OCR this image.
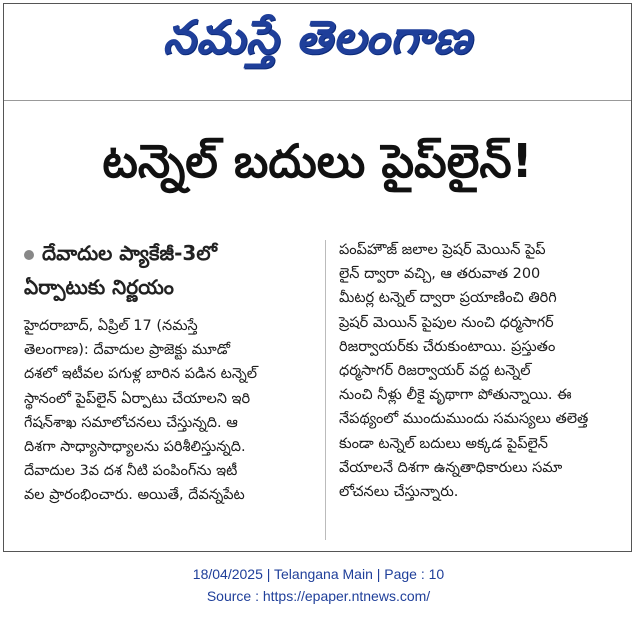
నమస్తే తెలంగాణ
టన్నెల్ బదులు పైప్‌లైన్!
దేవాదుల ప్యాకేజీ-3లో
ఏర్పాటుకు నిర్ణయం

హైదరాబాద్, ఏప్రిల్ 17 (నమస్తే

తెలంగాణ): దేవాదుల ప్రాజెక్టు మూడో

దశలో ఇటీవల పగుళ్ల బారిన పడిన టన్నెల్

స్థానంలో పైప్‌లైన్ ఏర్పాటు చేయాలని ఇరి

గేషన్‌శాఖ సమాలోచనలు చేస్తున్నది. ఆ

దిశగా సాధ్యాసాధ్యాలను పరిశీలిస్తున్నది.

దేవాదుల 3వ దశ నీటి పంపింగ్‌ను ఇటీ

వల ప్రారంభించారు. అయితే, దేవన్నపేట

పంప్‌హౌజ్ జలాల ప్రెషర్ మెయిన్ పైప్

లైన్ ద్వారా వచ్చి, ఆ తరువాత 200

మీటర్ల టన్నెల్ ద్వారా ప్రయాణించి తిరిగి

ప్రెషర్ మెయిన్ పైపుల నుంచి ధర్మసాగర్

రిజర్వాయర్‌కు చేరుకుంటాయి. ప్రస్తుతం

ధర్మసాగర్ రిజర్వాయర్ వద్ద టన్నెల్

నుంచి నీళ్లు లీకై వృథాగా పోతున్నాయి. ఈ

నేపథ్యంలో ముందుముందు సమస్యలు తలెత్త

కుండా టన్నెల్ బదులు అక్కడ పైప్‌లైన్

వేయాలనే దిశగా ఉన్నతాధికారులు సమా

లోచనలు చేస్తున్నారు.

18/04/2025 | Telangana Main | Page : 10
Source : https://epaper.ntnews.com/
